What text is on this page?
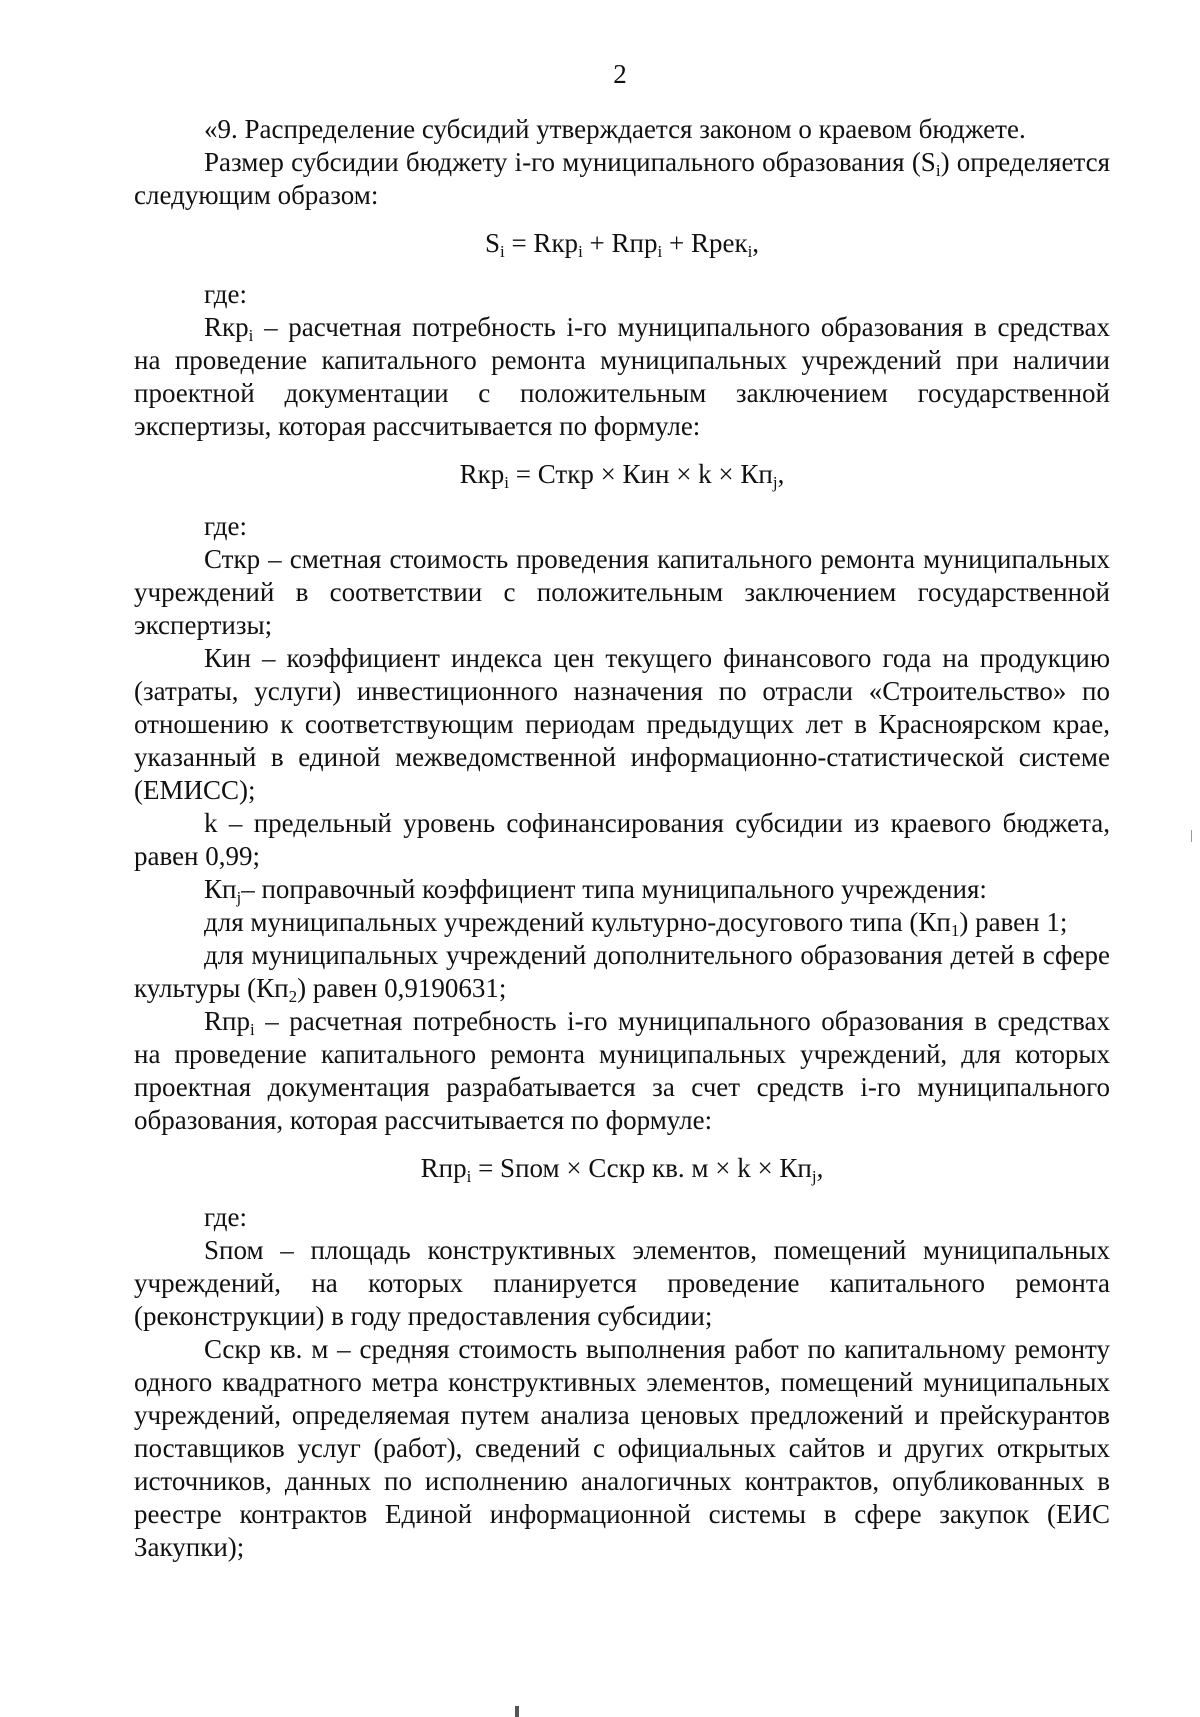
2

«9. Распределение субсидий утверждается законом о краевом бюджете.

Размер субсидии бюджету i-го муниципального образования $(S_i)$ определяется следующим образом:

$S_i = Rкр_i + Rпр_i$ + Rрек$_i$,

где:

Rкр$_i$ – расчетная потребность i-го муниципального образования в средствах на проведение капитального ремонта муниципальных учреждений при наличии проектной документации с положительным заключением государственной экспертизы, которая рассчитывается по формуле:

Rкр$_i$ = Сткр × Кин × $k \times Кп_j$,

где:

Сткр – сметная стоимость проведения капитального ремонта муниципальных учреждений в соответствии с положительным заключением государственной экспертизы;

Кин – коэффициент индекса цен текущего финансового года на продукцию (затраты, услуги) инвестиционного назначения по отрасли «Строительство» по отношению к соответствующим периодам предыдущих лет в Красноярском крае, указанный в единой межведомственной информационно-статистической системе (ЕМИСС);

k – предельный уровень софинансирования субсидии из краевого бюджета, равен 0,99;

$Кп_j-$ поправочный коэффициент типа муниципального учреждения:

для муниципальных учреждений культурно-досугового типа $(Кп_1)$ равен 1;

для муниципальных учреждений дополнительного образования детей в сфере культуры $(Кп_2)$ равен 0,9190631;

Rпр$_i$ – расчетная потребность i-го муниципального образования в средствах на проведение капитального ремонта муниципальных учреждений, для которых проектная документация разрабатывается за счет средств i-го муниципального образования, которая рассчитывается по формуле:

Rпр$_i$ = Sпом × Сскр кв. $м \times k \times Кп_j$,

где:

Sпом – площадь конструктивных элементов, помещений муниципальных учреждений, на которых планируется проведение капитального ремонта (реконструкции) в году предоставления субсидии;

Сскр кв. м – средняя стоимость выполнения работ по капитальному ремонту одного квадратного метра конструктивных элементов, помещений муниципальных учреждений, определяемая путем анализа ценовых предложений и прейскурантов поставщиков услуг (работ), сведений с официальных сайтов и других открытых источников, данных по исполнению аналогичных контрактов, опубликованных в реестре контрактов Единой информационной системы в сфере закупок (ЕИС Закупки);
